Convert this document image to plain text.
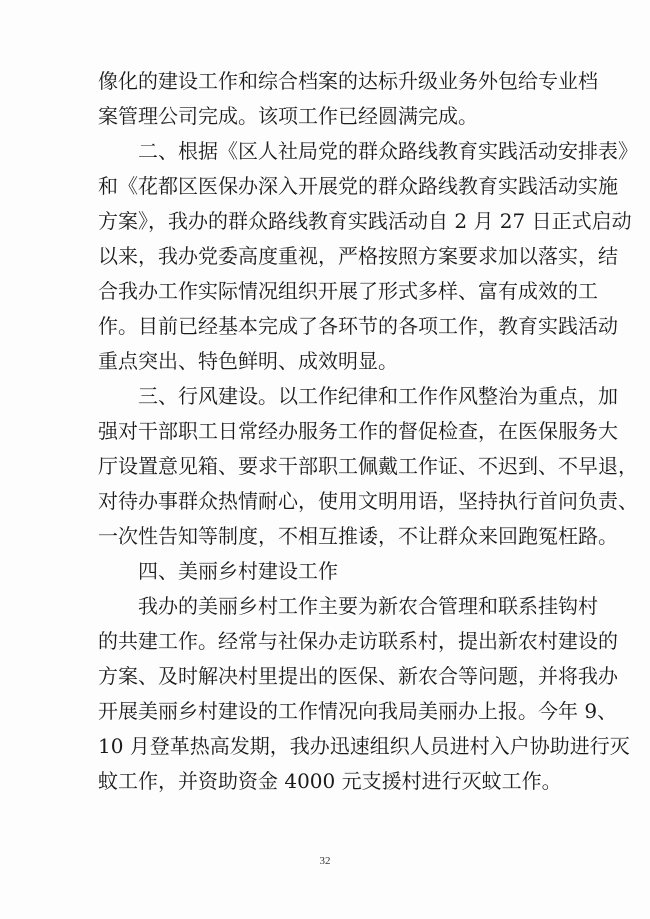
像化的建设工作和综合档案的达标升级业务外包给专业档
案管理公司完成。该项工作已经圆满完成。
二、根据《区人社局党的群众路线教育实践活动安排表》
和《花都区医保办深入开展党的群众路线教育实践活动实施
方案》，我办的群众路线教育实践活动自 2 月 27 日正式启动
以来，我办党委高度重视，严格按照方案要求加以落实，结
合我办工作实际情况组织开展了形式多样、富有成效的工
作。目前已经基本完成了各环节的各项工作，教育实践活动
重点突出、特色鲜明、成效明显。
三、行风建设。以工作纪律和工作作风整治为重点，加
强对干部职工日常经办服务工作的督促检查，在医保服务大
厅设置意见箱、要求干部职工佩戴工作证、不迟到、不早退，
对待办事群众热情耐心，使用文明用语，坚持执行首问负责、
一次性告知等制度，不相互推诿，不让群众来回跑冤枉路。
四、美丽乡村建设工作
我办的美丽乡村工作主要为新农合管理和联系挂钩村
的共建工作。经常与社保办走访联系村，提出新农村建设的
方案、及时解决村里提出的医保、新农合等问题，并将我办
开展美丽乡村建设的工作情况向我局美丽办上报。今年 9、
10 月登革热高发期，我办迅速组织人员进村入户协助进行灭
蚊工作，并资助资金 4000 元支援村进行灭蚊工作。
32
